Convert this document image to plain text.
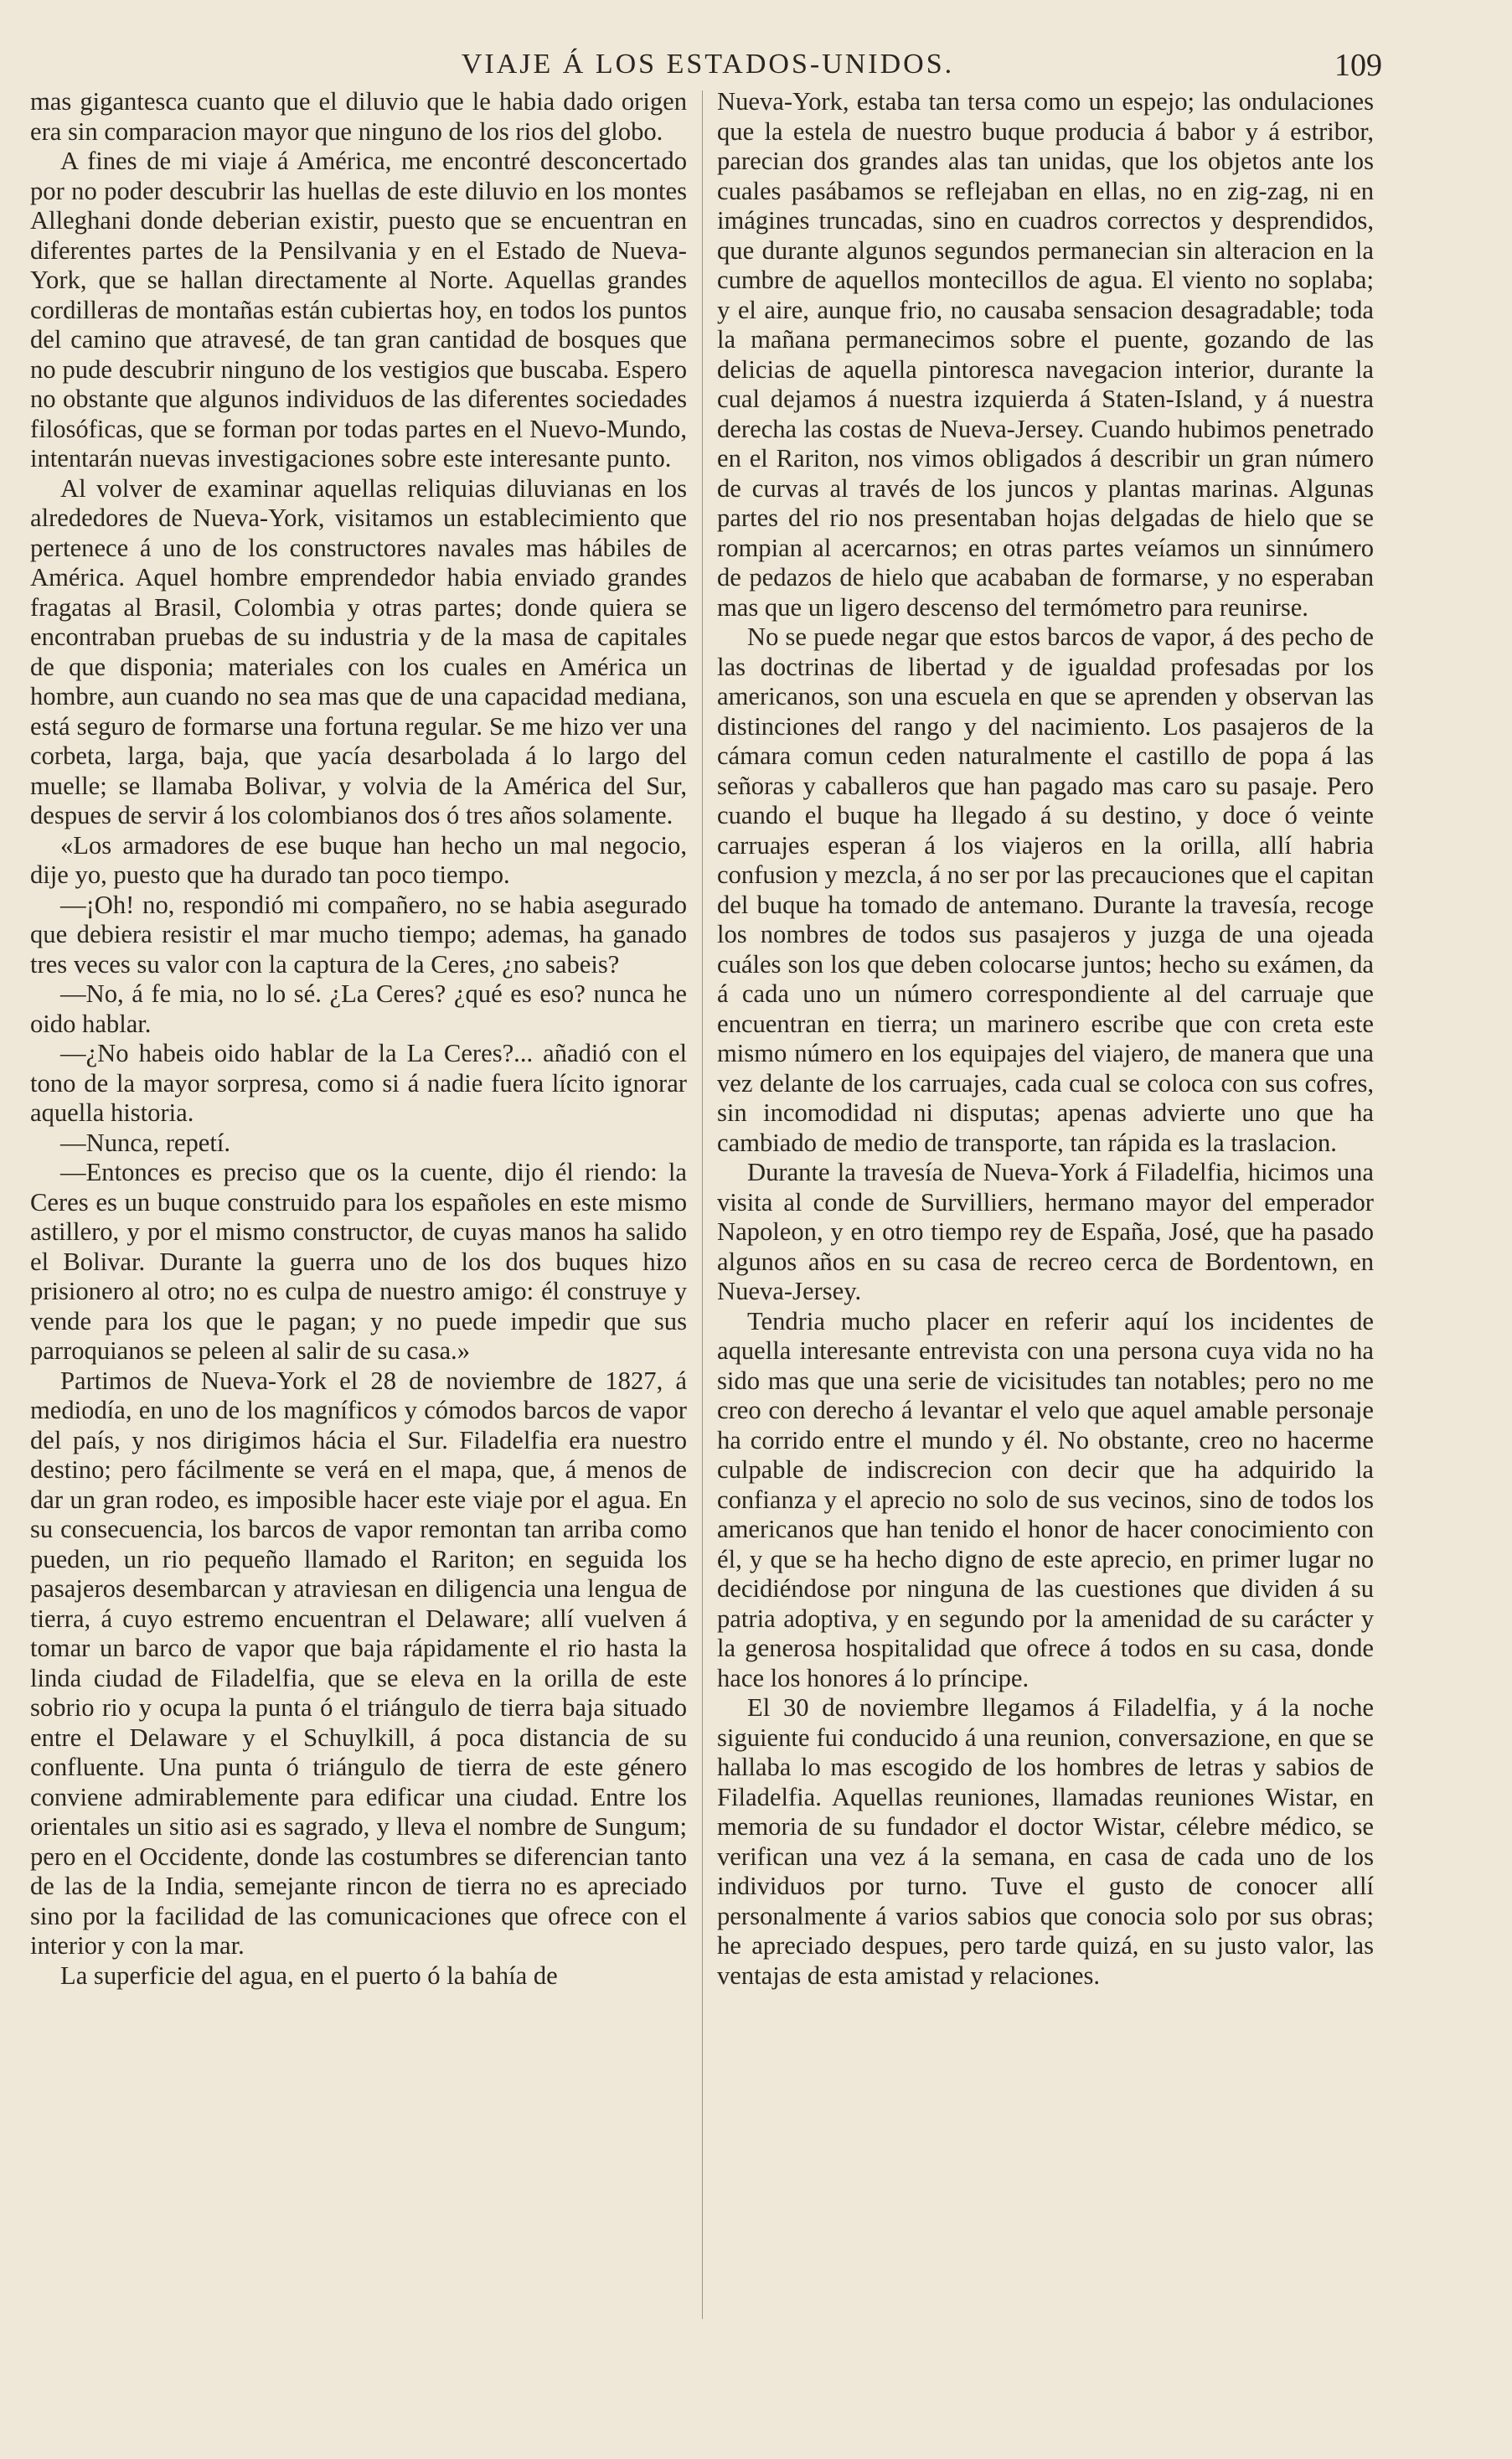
VIAJE Á LOS ESTADOS-UNIDOS.	109

mas gigantesca cuanto que el diluvio que le habia dado origen era sin comparacion mayor que ninguno de los rios del globo.

A fines de mi viaje á América, me encontré desconcertado por no poder descubrir las huellas de este diluvio en los montes Alleghani donde deberian existir, puesto que se encuentran en diferentes partes de la Pensilvania y en el Estado de Nueva-York, que se hallan directamente al Norte. Aquellas grandes cordilleras de montañas están cubiertas hoy, en todos los puntos del camino que atravesé, de tan gran cantidad de bosques que no pude descubrir ninguno de los vestigios que buscaba. Espero no obstante que algunos individuos de las diferentes sociedades filosóficas, que se forman por todas partes en el Nuevo-Mundo, intentarán nuevas investigaciones sobre este interesante punto.

Al volver de examinar aquellas reliquias diluvianas en los alrededores de Nueva-York, visitamos un establecimiento que pertenece á uno de los constructores navales mas hábiles de América. Aquel hombre emprendedor habia enviado grandes fragatas al Brasil, Colombia y otras partes; donde quiera se encontraban pruebas de su industria y de la masa de capitales de que disponia; materiales con los cuales en América un hombre, aun cuando no sea mas que de una capacidad mediana, está seguro de formarse una fortuna regular. Se me hizo ver una corbeta, larga, baja, que yacía desarbolada á lo largo del muelle; se llamaba Bolivar, y volvia de la América del Sur, despues de servir á los colombianos dos ó tres años solamente.

«Los armadores de ese buque han hecho un mal negocio, dije yo, puesto que ha durado tan poco tiempo.

—¡Oh! no, respondió mi compañero, no se habia asegurado que debiera resistir el mar mucho tiempo; ademas, ha ganado tres veces su valor con la captura de la Ceres, ¿no sabeis?

—No, á fe mia, no lo sé. ¿La Ceres? ¿qué es eso? nunca he oido hablar.

—¿No habeis oido hablar de la La Ceres?... añadió con el tono de la mayor sorpresa, como si á nadie fuera lícito ignorar aquella historia.

—Nunca, repetí.

—Entonces es preciso que os la cuente, dijo él riendo: la Ceres es un buque construido para los españoles en este mismo astillero, y por el mismo constructor, de cuyas manos ha salido el Bolivar. Durante la guerra uno de los dos buques hizo prisionero al otro; no es culpa de nuestro amigo: él construye y vende para los que le pagan; y no puede impedir que sus parroquianos se peleen al salir de su casa.»

Partimos de Nueva-York el 28 de noviembre de 1827, á mediodía, en uno de los magníficos y cómodos barcos de vapor del país, y nos dirigimos hácia el Sur. Filadelfia era nuestro destino; pero fácilmente se verá en el mapa, que, á menos de dar un gran rodeo, es imposible hacer este viaje por el agua. En su consecuencia, los barcos de vapor remontan tan arriba como pueden, un rio pequeño llamado el Rariton; en seguida los pasajeros desembarcan y atraviesan en diligencia una lengua de tierra, á cuyo estremo encuentran el Delaware; allí vuelven á tomar un barco de vapor que baja rápidamente el rio hasta la linda ciudad de Filadelfia, que se eleva en la orilla de este sobrio rio y ocupa la punta ó el triángulo de tierra baja situado entre el Delaware y el Schuylkill, á poca distancia de su confluente. Una punta ó triángulo de tierra de este género conviene admirablemente para edificar una ciudad. Entre los orientales un sitio asi es sagrado, y lleva el nombre de Sungum; pero en el Occidente, donde las costumbres se diferencian tanto de las de la India, semejante rincon de tierra no es apreciado sino por la facilidad de las comunicaciones que ofrece con el interior y con la mar.

La superficie del agua, en el puerto ó la bahía de

Nueva-York, estaba tan tersa como un espejo; las ondulaciones que la estela de nuestro buque producia á babor y á estribor, parecian dos grandes alas tan unidas, que los objetos ante los cuales pasábamos se reflejaban en ellas, no en zig-zag, ni en imágines truncadas, sino en cuadros correctos y desprendidos, que durante algunos segundos permanecian sin alteracion en la cumbre de aquellos montecillos de agua. El viento no soplaba; y el aire, aunque frio, no causaba sensacion desagradable; toda la mañana permanecimos sobre el puente, gozando de las delicias de aquella pintoresca navegacion interior, durante la cual dejamos á nuestra izquierda á Staten-Island, y á nuestra derecha las costas de Nueva-Jersey. Cuando hubimos penetrado en el Rariton, nos vimos obligados á describir un gran número de curvas al través de los juncos y plantas marinas. Algunas partes del rio nos presentaban hojas delgadas de hielo que se rompian al acercarnos; en otras partes veíamos un sinnúmero de pedazos de hielo que acababan de formarse, y no esperaban mas que un ligero descenso del termómetro para reunirse.

No se puede negar que estos barcos de vapor, á des pecho de las doctrinas de libertad y de igualdad profesadas por los americanos, son una escuela en que se aprenden y observan las distinciones del rango y del nacimiento. Los pasajeros de la cámara comun ceden naturalmente el castillo de popa á las señoras y caballeros que han pagado mas caro su pasaje. Pero cuando el buque ha llegado á su destino, y doce ó veinte carruajes esperan á los viajeros en la orilla, allí habria confusion y mezcla, á no ser por las precauciones que el capitan del buque ha tomado de antemano. Durante la travesía, recoge los nombres de todos sus pasajeros y juzga de una ojeada cuáles son los que deben colocarse juntos; hecho su exámen, da á cada uno un número correspondiente al del carruaje que encuentran en tierra; un marinero escribe que con creta este mismo número en los equipajes del viajero, de manera que una vez delante de los carruajes, cada cual se coloca con sus cofres, sin incomodidad ni disputas; apenas advierte uno que ha cambiado de medio de transporte, tan rápida es la traslacion.

Durante la travesía de Nueva-York á Filadelfia, hicimos una visita al conde de Survilliers, hermano mayor del emperador Napoleon, y en otro tiempo rey de España, José, que ha pasado algunos años en su casa de recreo cerca de Bordentown, en Nueva-Jersey.

Tendria mucho placer en referir aquí los incidentes de aquella interesante entrevista con una persona cuya vida no ha sido mas que una serie de vicisitudes tan notables; pero no me creo con derecho á levantar el velo que aquel amable personaje ha corrido entre el mundo y él. No obstante, creo no hacerme culpable de indiscrecion con decir que ha adquirido la confianza y el aprecio no solo de sus vecinos, sino de todos los americanos que han tenido el honor de hacer conocimiento con él, y que se ha hecho digno de este aprecio, en primer lugar no decidiéndose por ninguna de las cuestiones que dividen á su patria adoptiva, y en segundo por la amenidad de su carácter y la generosa hospitalidad que ofrece á todos en su casa, donde hace los honores á lo príncipe.

El 30 de noviembre llegamos á Filadelfia, y á la noche siguiente fui conducido á una reunion, conversazione, en que se hallaba lo mas escogido de los hombres de letras y sabios de Filadelfia. Aquellas reuniones, llamadas reuniones Wistar, en memoria de su fundador el doctor Wistar, célebre médico, se verifican una vez á la semana, en casa de cada uno de los individuos por turno. Tuve el gusto de conocer allí personalmente á varios sabios que conocia solo por sus obras; he apreciado despues, pero tarde quizá, en su justo valor, las ventajas de esta amistad y relaciones.
